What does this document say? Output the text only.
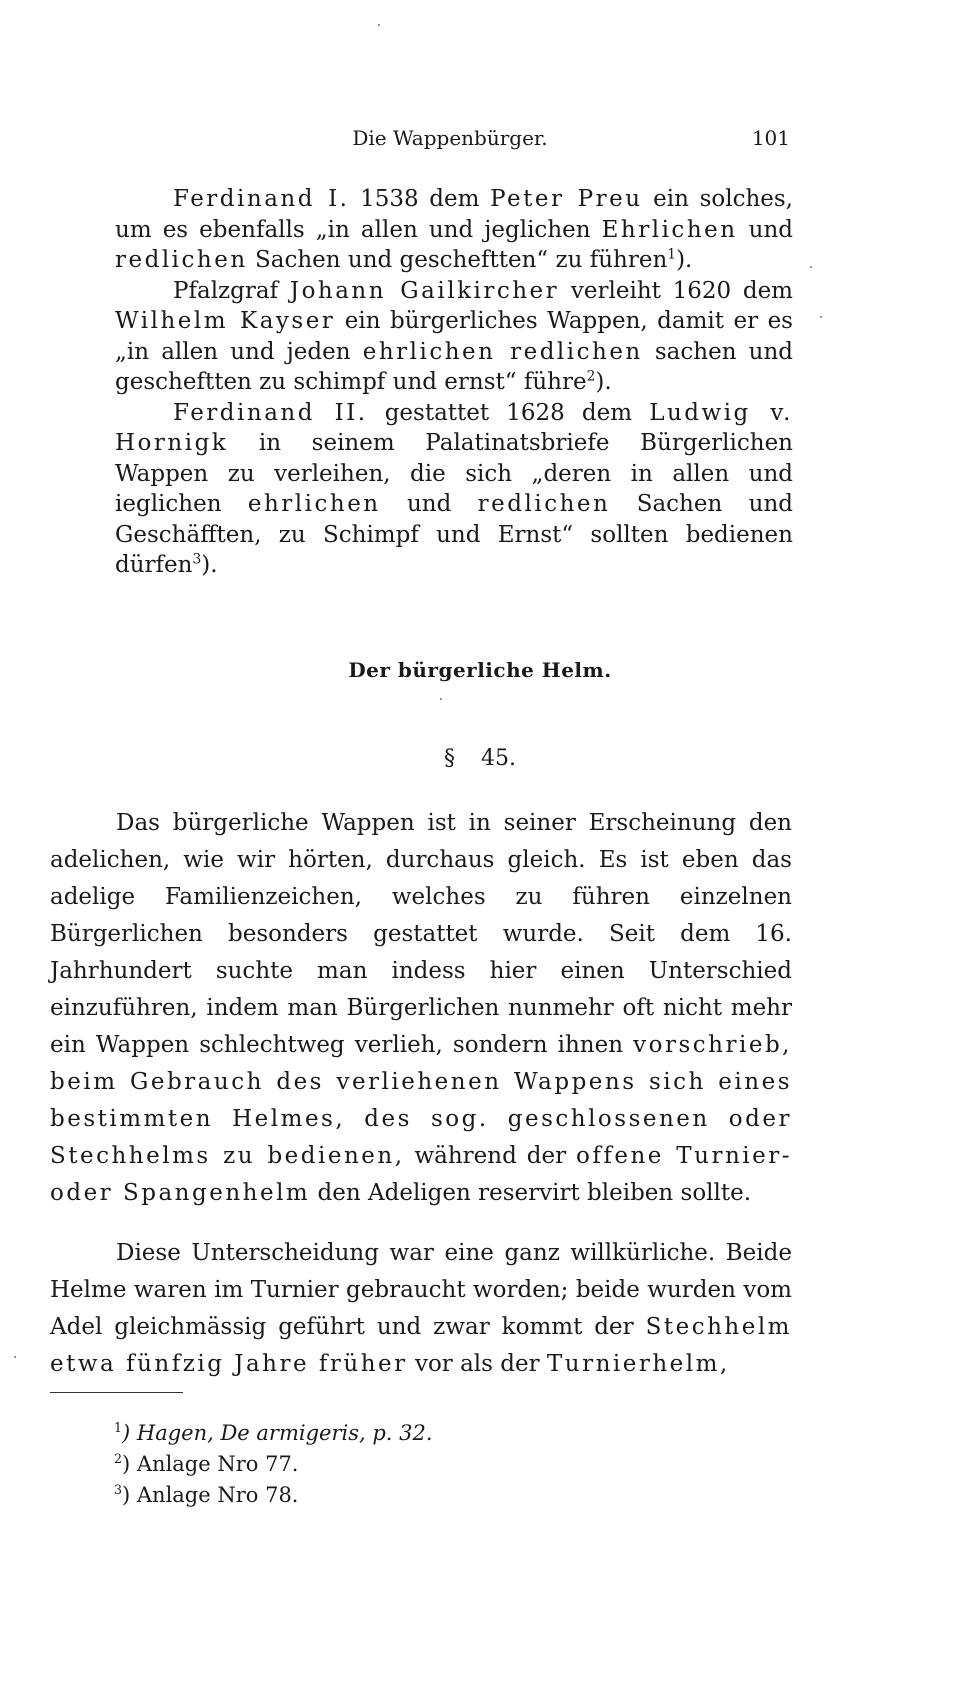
Die Wappenbürger.	101

Ferdinand I. 1538 dem Peter Preu ein solches, um es ebenfalls „in allen und jeglichen Ehrlichen und redlichen Sachen und gescheftten“ zu führen$^1$).

Pfalzgraf Johann Gailkircher verleiht 1620 dem Wilhelm Kayser ein bürgerliches Wappen, damit er es „in allen und jeden ehrlichen redlichen sachen und gescheftten zu schimpf und ernst“ führe$^2$).

Ferdinand II. gestattet 1628 dem Ludwig v. Hornigk in seinem Palatinatsbriefe Bürgerlichen Wappen zu verleihen, die sich „deren in allen und ieglichen ehrlichen und redlichen Sachen und Geschäfften, zu Schimpf und Ernst“ sollten bedienen dürfen$^3$).

Der bürgerliche Helm.
§ 45.

Das bürgerliche Wappen ist in seiner Erscheinung den adelichen, wie wir hörten, durchaus gleich. Es ist eben das adelige Familienzeichen, welches zu führen einzelnen Bürgerlichen besonders gestattet wurde. Seit dem 16. Jahrhundert suchte man indess hier einen Unterschied einzuführen, indem man Bürgerlichen nunmehr oft nicht mehr ein Wappen schlechtweg verlieh, sondern ihnen vorschrieb, beim Gebrauch des verliehenen Wappens sich eines bestimmten Helmes, des sog. geschlossenen oder Stechhelms zu bedienen, während der offene Turnier- oder Spangenhelm den Adeligen reservirt bleiben sollte.

Diese Unterscheidung war eine ganz willkürliche. Beide Helme waren im Turnier gebraucht worden; beide wurden vom Adel gleichmässig geführt und zwar kommt der Stechhelm etwa fünfzig Jahre früher vor als der Turnierhelm,

$^1$) Hagen, De armigeris, p. 32.

$^2$) Anlage Nro 77.

$^3$) Anlage Nro 78.
